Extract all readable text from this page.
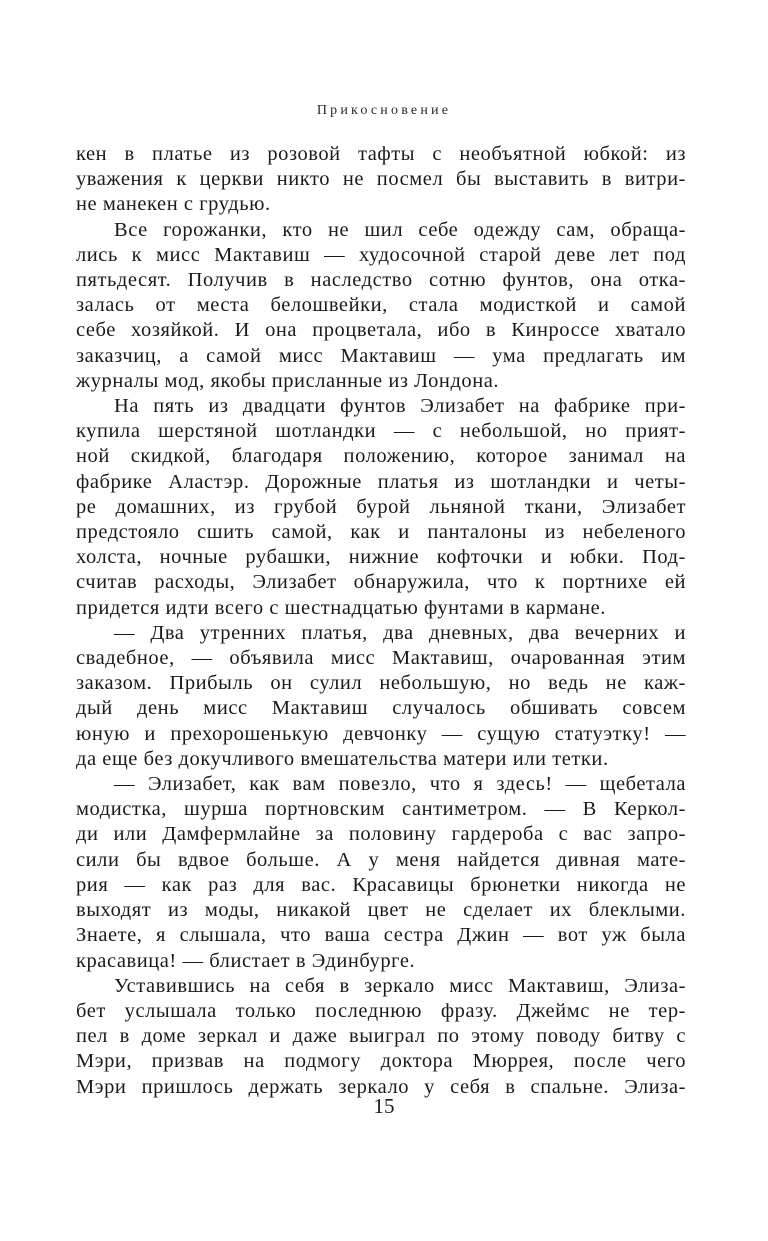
Прикосновение

кен в платье из розовой тафты с необъятной юбкой: из
уважения к церкви никто не посмел бы выставить в витри-
не манекен с грудью.

Все горожанки, кто не шил себе одежду сам, обраща-
лись к мисс Мактавиш — худосочной старой деве лет под
пятьдесят. Получив в наследство сотню фунтов, она отка-
залась от места белошвейки, стала модисткой и самой
себе хозяйкой. И она процветала, ибо в Кинроссе хватало
заказчиц, а самой мисс Мактавиш — ума предлагать им
журналы мод, якобы присланные из Лондона.

На пять из двадцати фунтов Элизабет на фабрике при-
купила шерстяной шотландки — с небольшой, но прият-
ной скидкой, благодаря положению, которое занимал на
фабрике Аластэр. Дорожные платья из шотландки и четы-
ре домашних, из грубой бурой льняной ткани, Элизабет
предстояло сшить самой, как и панталоны из небеленого
холста, ночные рубашки, нижние кофточки и юбки. Под-
считав расходы, Элизабет обнаружила, что к портнихе ей
придется идти всего с шестнадцатью фунтами в кармане.

— Два утренних платья, два дневных, два вечерних и
свадебное, — объявила мисс Мактавиш, очарованная этим
заказом. Прибыль он сулил небольшую, но ведь не каж-
дый день мисс Мактавиш случалось обшивать совсем
юную и прехорошенькую девчонку — сущую статуэтку! —
да еще без докучливого вмешательства матери или тетки.

— Элизабет, как вам повезло, что я здесь! — щебетала
модистка, шурша портновским сантиметром. — В Керкол-
ди или Дамфермлайне за половину гардероба с вас запро-
сили бы вдвое больше. А у меня найдется дивная мате-
рия — как раз для вас. Красавицы брюнетки никогда не
выходят из моды, никакой цвет не сделает их блеклыми.
Знаете, я слышала, что ваша сестра Джин — вот уж была
красавица! — блистает в Эдинбурге.

Уставившись на себя в зеркало мисс Мактавиш, Элиза-
бет услышала только последнюю фразу. Джеймс не тер-
пел в доме зеркал и даже выиграл по этому поводу битву с
Мэри, призвав на подмогу доктора Мюррея, после чего
Мэри пришлось держать зеркало у себя в спальне. Элиза-

15
